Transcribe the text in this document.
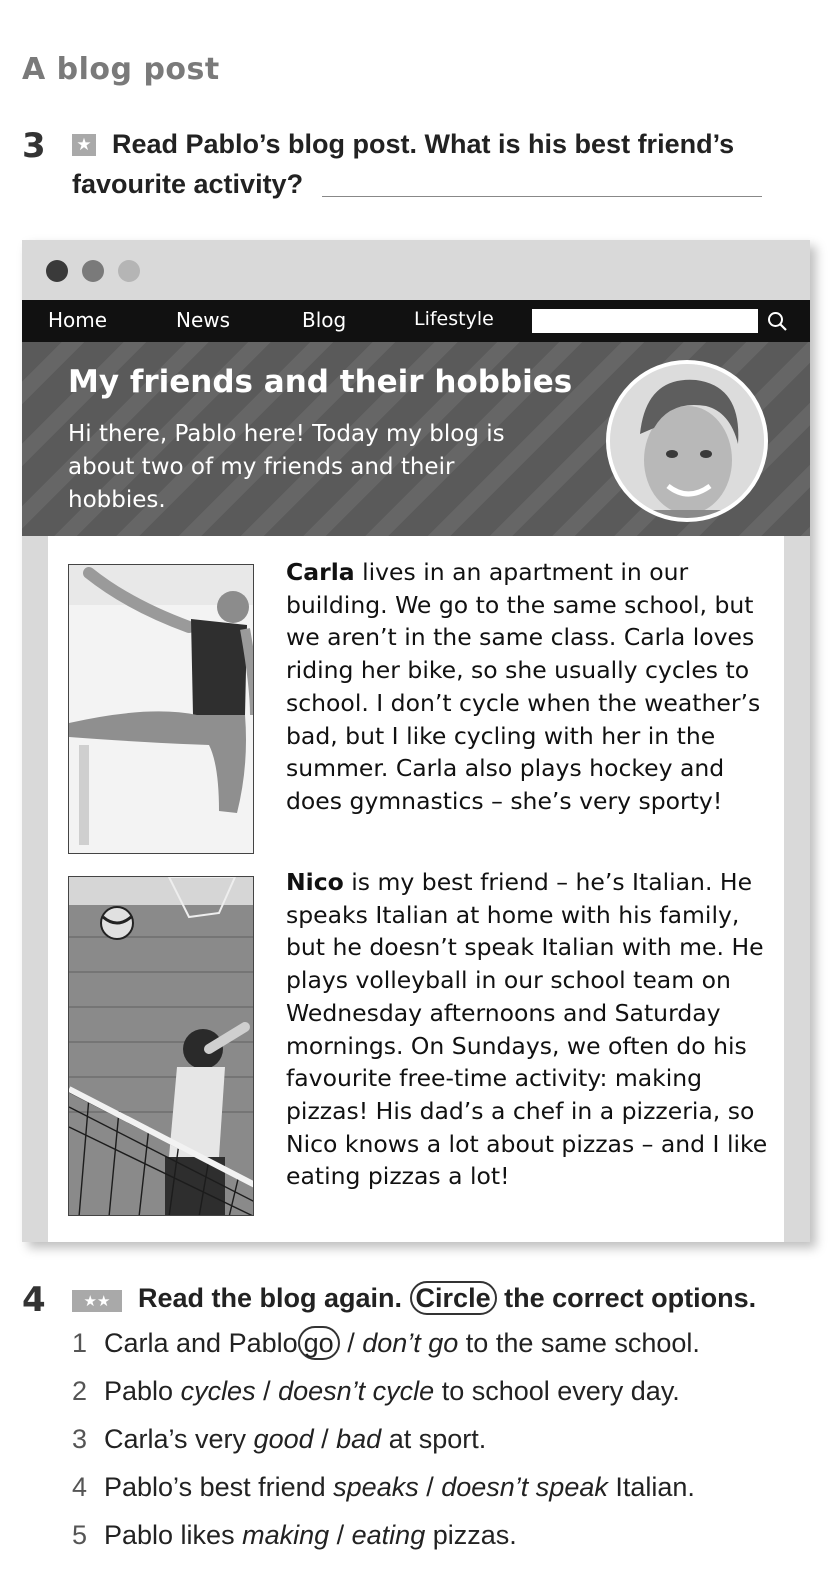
A blog post
3 ★ Read Pablo’s blog post. What is his best friend’s
favourite activity?
Home	News	Blog	Lifestyle
My friends and their hobbies
Hi there, Pablo here! Today my blog is about two of my friends and their hobbies.
Carla lives in an apartment in our building. We go to the same school, but we aren’t in the same class. Carla loves riding her bike, so she usually cycles to school. I don’t cycle when the weather’s bad, but I like cycling with her in the summer. Carla also plays hockey and does gymnastics – she’s very sporty!
Nico is my best friend – he’s Italian. He speaks Italian at home with his family, but he doesn’t speak Italian with me. He plays volleyball in our school team on Wednesday afternoons and Saturday mornings. On Sundays, we often do his favourite free-time activity: making pizzas! His dad’s a chef in a pizzeria, so Nico knows a lot about pizzas – and I like eating pizzas a lot!
4	★★	Read the blog again. Circle the correct options.
1 Carla and Pablo go / don’t go to the same school.
2 Pablo cycles / doesn’t cycle to school every day.
3 Carla’s very good / bad at sport.
4 Pablo’s best friend speaks / doesn’t speak Italian.
5 Pablo likes making / eating pizzas.
